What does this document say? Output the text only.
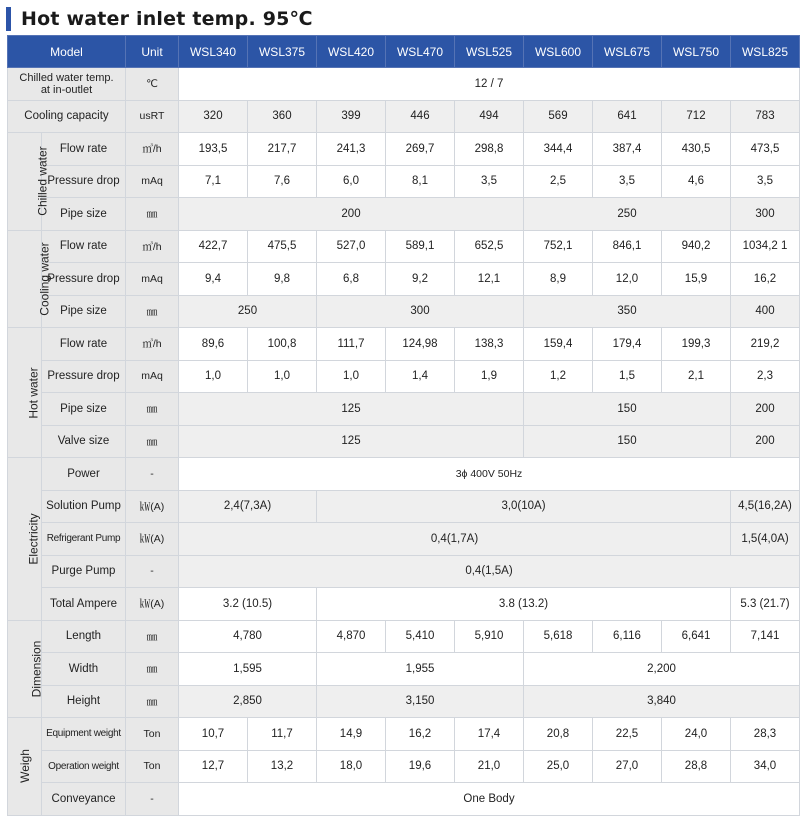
Hot water inlet temp. 95℃
Model		Unit	WSL340	WSL375	WSL420	WSL470	WSL525	WSL600	WSL675	WSL750	WSL825
Chilled water temp.
at in-outlet		℃	12 / 7								
Cooling capacity		usRT	320	360	399	446	494	569	641	712	783
Chilled water	Flow rate	㎥/h	193,5	217,7	241,3	269,7	298,8	344,4	387,4	430,5	473,5
	Pressure drop	mAq	7,1	7,6	6,0	8,1	3,5	2,5	3,5	4,6	3,5
	Pipe size	㎜	200					250			300
Cooling water	Flow rate	㎥/h	422,7	475,5	527,0	589,1	652,5	752,1	846,1	940,2	1034,2 1
	Pressure drop	mAq	9,4	9,8	6,8	9,2	12,1	8,9	12,0	15,9	16,2
	Pipe size	㎜	250		300			350			400
Hot water	Flow rate	㎥/h	89,6	100,8	111,7	124,98	138,3	159,4	179,4	199,3	219,2
	Pressure drop	mAq	1,0	1,0	1,0	1,4	1,9	1,2	1,5	2,1	2,3
	Pipe size	㎜	125					150			200
	Valve size	㎜	125					150			200
Electricity	Power	-	3ϕ 400V 50Hz								
	Solution Pump	㎾(A)	2,4(7,3A)		3,0(10A)						4,5(16,2A)
	Refrigerant Pump	㎾(A)	0,4(1,7A)								1,5(4,0A)
	Purge Pump	-	0,4(1,5A)								
	Total Ampere	㎾(A)	3.2 (10.5)		3.8 (13.2)						5.3 (21.7)
Dimension	Length	㎜	4,780		4,870	5,410	5,910	5,618	6,116	6,641	7,141
	Width	㎜	1,595		1,955			2,200			
	Height	㎜	2,850		3,150			3,840			
Weigh	Equipment weight	Ton	10,7	11,7	14,9	16,2	17,4	20,8	22,5	24,0	28,3
	Operation weight	Ton	12,7	13,2	18,0	19,6	21,0	25,0	27,0	28,8	34,0
	Conveyance	-	One Body								
